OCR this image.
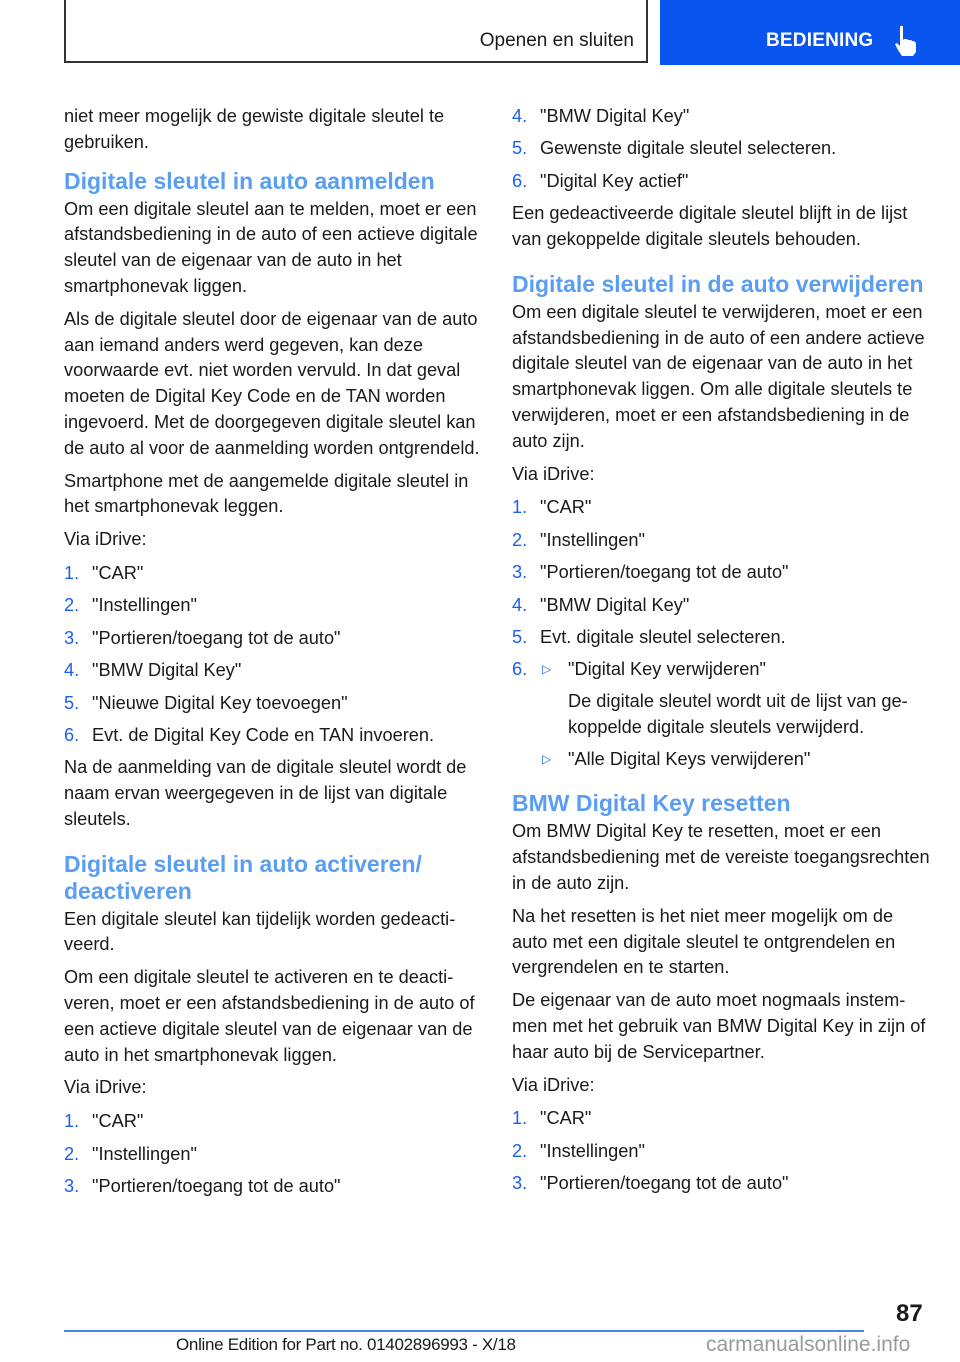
Openen en sluiten	BEDIENING

niet meer mogelijk de gewiste digitale sleutel te gebruiken.

Digitale sleutel in auto aanmelden

Om een digitale sleutel aan te melden, moet er een afstandsbediening in de auto of een actieve digitale sleutel van de eigenaar van de auto in het smartphonevak liggen.

Als de digitale sleutel door de eigenaar van de auto aan iemand anders werd gegeven, kan deze voorwaarde evt. niet worden vervuld. In dat geval moeten de Digital Key Code en de TAN worden ingevoerd. Met de doorgegeven digitale sleutel kan de auto al voor de aanmelding worden ontgrendeld.

Smartphone met de aangemelde digitale sleutel in het smartphonevak leggen.

Via iDrive:

1. "CAR"
2. "Instellingen"
3. "Portieren/toegang tot de auto"
4. "BMW Digital Key"
5. "Nieuwe Digital Key toevoegen"
6. Evt. de Digital Key Code en TAN invoeren.

Na de aanmelding van de digitale sleutel wordt de naam ervan weergegeven in de lijst van digitale sleutels.

Digitale sleutel in auto activeren/ deactiveren

Een digitale sleutel kan tijdelijk worden gedeactiveerd.

Om een digitale sleutel te activeren en te deactiveren, moet er een afstandsbediening in de auto of een actieve digitale sleutel van de eigenaar van de auto in het smartphonevak liggen.

Via iDrive:

1. "CAR"
2. "Instellingen"
3. "Portieren/toegang tot de auto"
4. "BMW Digital Key"
5. Gewenste digitale sleutel selecteren.
6. "Digital Key actief"

Een gedeactiveerde digitale sleutel blijft in de lijst van gekoppelde digitale sleutels behouden.

Digitale sleutel in de auto verwijderen

Om een digitale sleutel te verwijderen, moet er een afstandsbediening in de auto of een andere actieve digitale sleutel van de eigenaar van de auto in het smartphonevak liggen. Om alle digitale sleutels te verwijderen, moet er een afstandsbediening in de auto zijn.

Via iDrive:

1. "CAR"
2. "Instellingen"
3. "Portieren/toegang tot de auto"
4. "BMW Digital Key"
5. Evt. digitale sleutel selecteren.
6. ▷ "Digital Key verwijderen"
De digitale sleutel wordt uit de lijst van gekoppelde digitale sleutels verwijderd.
▷ "Alle Digital Keys verwijderen"
BMW Digital Key resetten

Om BMW Digital Key te resetten, moet er een afstandsbediening met de vereiste toegangsrechten in de auto zijn.

Na het resetten is het niet meer mogelijk om de auto met een digitale sleutel te ontgrendelen en vergrendelen en te starten.

De eigenaar van de auto moet nogmaals instemmen met het gebruik van BMW Digital Key in zijn of haar auto bij de Servicepartner.

Via iDrive:

1. "CAR"
2. "Instellingen"
3. "Portieren/toegang tot de auto"
87
Online Edition for Part no. 01402896993 - X/18	carmanualsonline.info
